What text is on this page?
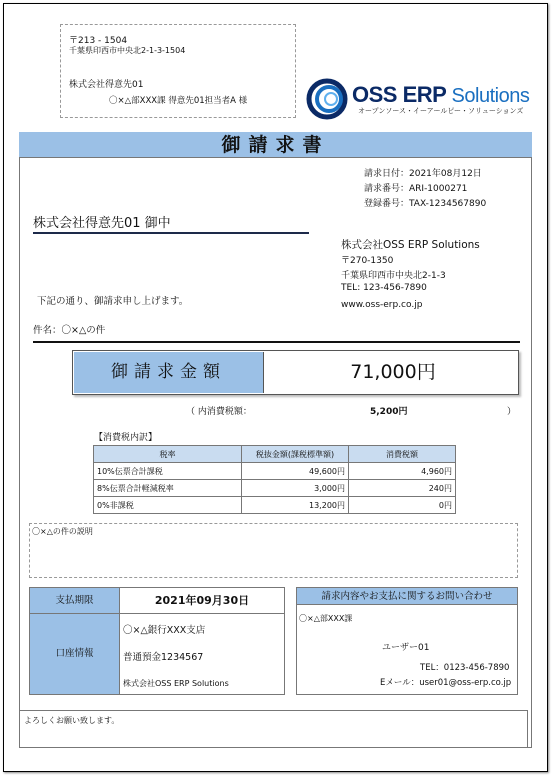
〒213 - 1504
千葉県印西市中央北2-1-3-1504
株式会社得意先01
〇×△部XXX課 得意先01担当者A 様	OSS ERP Solutions
オープンソース・イーアールピー・ソリューションズ
御請求書
請求日付：2021年08月12日
請求番号：ARI-1000271
登録番号：TAX-1234567890
株式会社得意先01 御中
株式会社OSS ERP Solutions
〒270-1350
千葉県印西市中央北2-1-3
TEL: 123-456-7890
www.oss-erp.co.jp
下記の通り、御請求申し上げます。
件名：〇×△の件
御請求金額	71,000円
（ 内消費税額：	5,200円	）
【消費税内訳】
税率	税抜金額(課税標準額)	消費税額
10%伝票合計課税	49,600円	4,960円
8%伝票合計軽減税率	3,000円	240円
0%非課税	13,200円	0円
〇×△の件の説明
支払期限	2021年09月30日
口座情報
〇×△銀行XXX支店
普通預金1234567
株式会社OSS ERP Solutions
請求内容やお支払に関するお問い合わせ
〇×△部XXX課
ユーザー01
TEL：0123-456-7890
Eメール：user01@oss-erp.co.jp
よろしくお願い致します。
